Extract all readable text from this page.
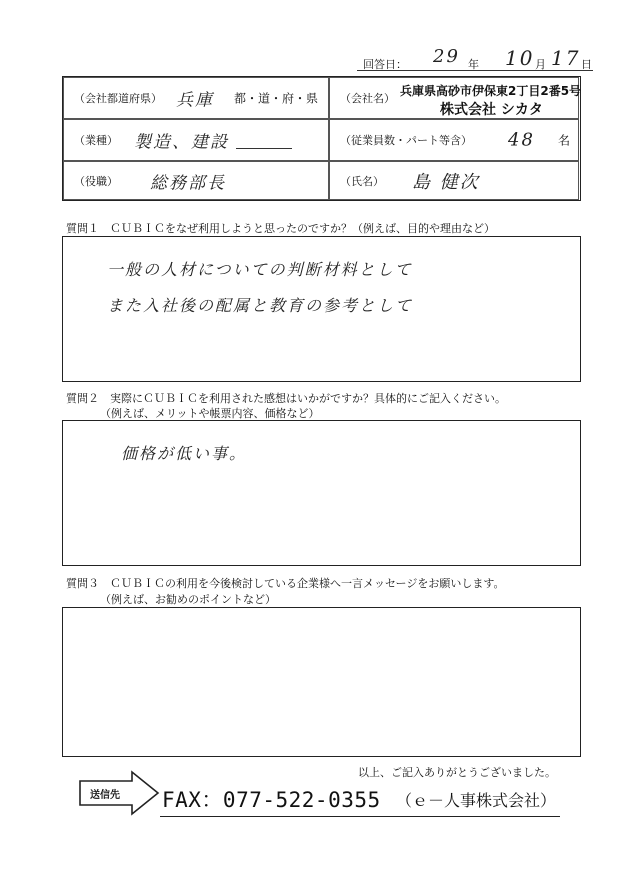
回答日： 29 年 10 月 17 日
（会社都道府県） 兵庫 都・道・府・県 （会社名）
兵庫県高砂市伊保東2丁目2番5号
株式会社 シカタ
（業種） 製造、建設	（従業員数・パート等含） 48 名
（役職） 総務部長	（氏名） 島 健次
質問１　ＣＵＢＩＣをなぜ利用しようと思ったのですか？（例えば、目的や理由など）
一般の人材についての判断材料として
また入社後の配属と教育の参考として
質問２　実際にＣＵＢＩＣを利用された感想はいかがですか？具体的にご記入ください。
（例えば、メリットや帳票内容、価格など）
価格が低い事。
質問３　ＣＵＢＩＣの利用を今後検討している企業様へ一言メッセージをお願いします。
（例えば、お勧めのポイントなど）
以上、ご記入ありがとうございました。
送信先 FAX：077-522-0355 （ｅ－人事株式会社）
